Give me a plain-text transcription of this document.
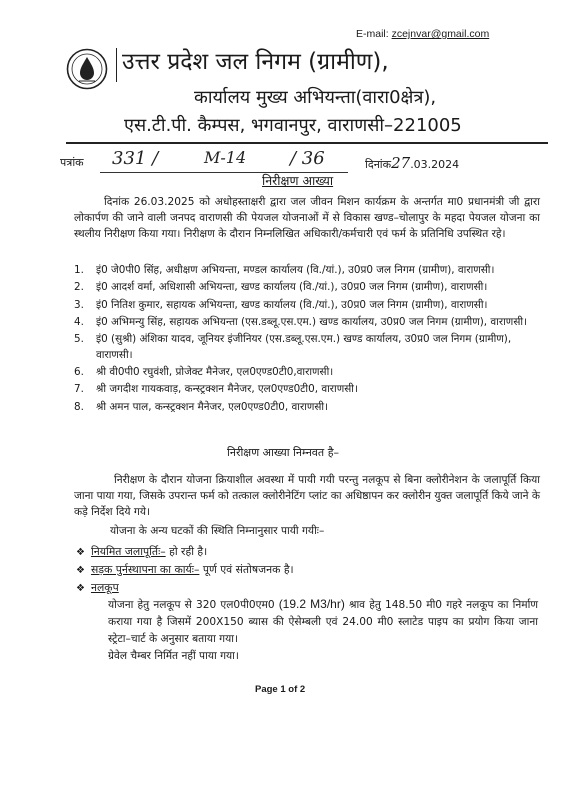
E-mail: zcejnvar@gmail.com
उत्तर प्रदेश जल निगम (ग्रामीण),
कार्यालय मुख्य अभियन्ता(वारा0क्षेत्र),
एस.टी.पी. कैम्पस, भगवानपुर, वाराणसी–221005
पत्रांक 331 /	M-14 / 36	दिनांक27.03.2024
निरीक्षण आख्या
दिनांक 26.03.2025 को अधोहस्ताक्षरी द्वारा जल जीवन मिशन कार्यक्रम के अन्तर्गत मा0 प्रधानमंत्री जी द्वारा लोकार्पण की जाने वाली जनपद वाराणसी की पेयजल योजनाओं में से विकास खण्ड–चोलापुर के महदा पेयजल योजना का स्थलीय निरीक्षण किया गया। निरीक्षण के दौरान निम्नलिखित अधिकारी/कर्मचारी एवं फर्म के प्रतिनिधि उपस्थित रहे।
1. इं0 जे0पी0 सिंह, अधीक्षण अभियन्ता, मण्डल कार्यालय (वि./यां.), उ0प्र0 जल निगम (ग्रामीण), वाराणसी।
2. इं0 आदर्श वर्मा, अधिशासी अभियन्ता, खण्ड कार्यालय (वि./यां.), उ0प्र0 जल निगम (ग्रामीण), वाराणसी।
3. इं0 नितिश कुमार, सहायक अभियन्ता, खण्ड कार्यालय (वि./यां.), उ0प्र0 जल निगम (ग्रामीण), वाराणसी।
4. इं0 अभिमन्यु सिंह, सहायक अभियन्ता (एस.डब्लू.एस.एम.) खण्ड कार्यालय, उ0प्र0 जल निगम (ग्रामीण), वाराणसी।
5. इं0 (सुश्री) अंशिका यादव, जूनियर इंजीनियर (एस.डब्लू.एस.एम.) खण्ड कार्यालय, उ0प्र0 जल निगम (ग्रामीण), वाराणसी।
6. श्री वी0पी0 रघुवंशी, प्रोजेक्ट मैनेजर, एल0एण्ड0टी0,वाराणसी।
7. श्री जगदीश गायकवाड़, कन्स्ट्रक्शन मैनेजर, एल0एण्ड0टी0, वाराणसी।
8. श्री अमन पाल, कन्स्ट्रक्शन मैनेजर, एल0एण्ड0टी0, वाराणसी।
निरीक्षण आख्या निम्नवत है–
निरीक्षण के दौरान योजना क्रियाशील अवस्था में पायी गयी परन्तु नलकूप से बिना क्लोरीनेशन के जलापूर्ति किया जाना पाया गया, जिसके उपरान्त फर्म को तत्काल क्लोरीनेटिंग प्लांट का अधिष्ठापन कर क्लोरीन युक्त जलापूर्ति किये जाने के कड़े निर्देश दिये गये।
योजना के अन्य घटकों की स्थिति निम्नानुसार पायी गयीः–
❖ नियमित जलापूर्तिः– हो रही है।
❖ सड़क पुर्नस्थापना का कार्यः– पूर्ण एवं संतोषजनक है।
❖ नलकूप
योजना हेतु नलकूप से 320 एल0पी0एम0 (19.2 M3/hr) श्राव हेतु 148.50 मी0 गहरे नलकूप का निर्माण कराया गया है जिसमें 200X150 ब्यास की ऐसेम्बली एवं 24.00 मी0 स्लाटेड पाइप का प्रयोग किया जाना स्ट्रेटा–चार्ट के अनुसार बताया गया।
ग्रेवेल चैम्बर निर्मित नहीं पाया गया।
Page 1 of 2
